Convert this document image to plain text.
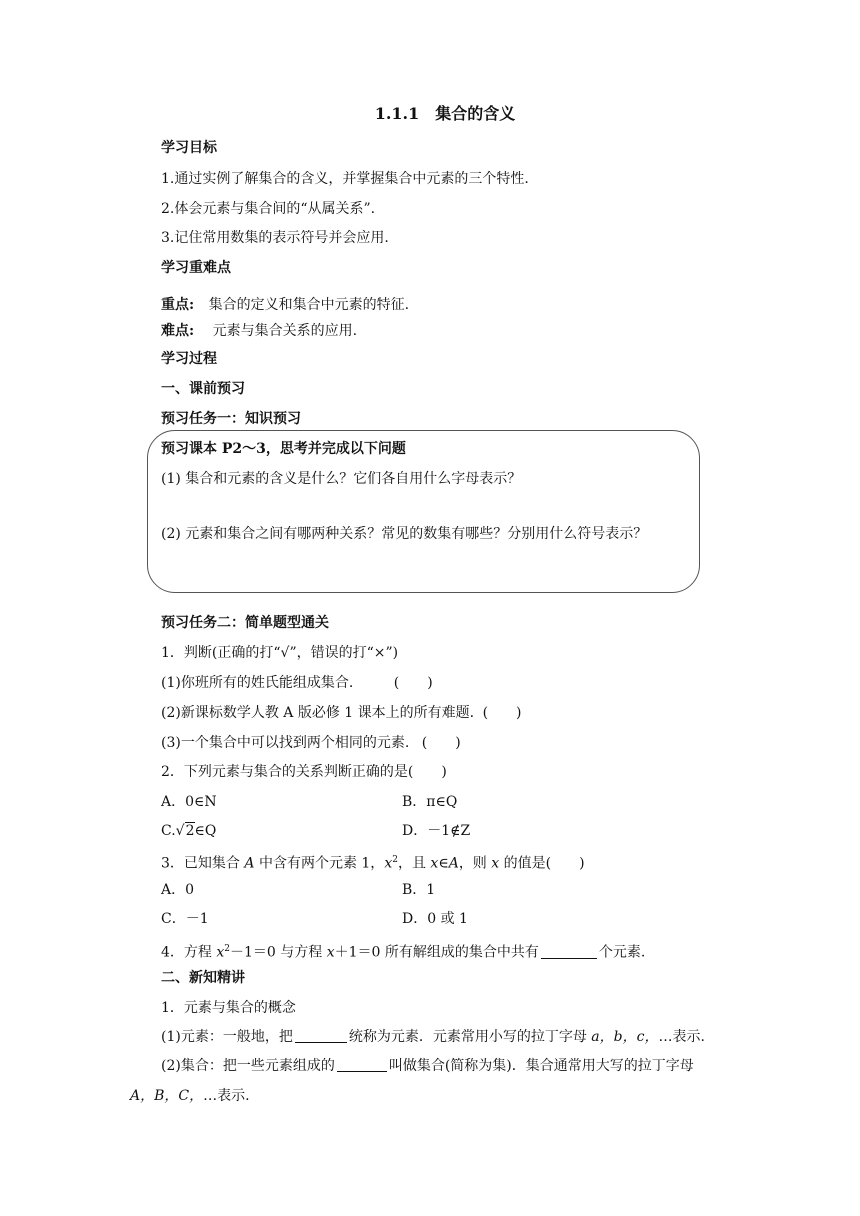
1.1.1　集合的含义
学习目标
1.通过实例了解集合的含义，并掌握集合中元素的三个特性.
2.体会元素与集合间的“从属关系”.
3.记住常用数集的表示符号并会应用.
学习重难点
重点: 集合的定义和集合中元素的特征.
难点: 元素与集合关系的应用.
学习过程
一、课前预习
预习任务一：知识预习
预习课本 P2～3，思考并完成以下问题
(1) 集合和元素的含义是什么？它们各自用什么字母表示？
(2) 元素和集合之间有哪两种关系？常见的数集有哪些？分别用什么符号表示？
预习任务二：简单题型通关
1．判断(正确的打“√”，错误的打“×”)
(1)你班所有的姓氏能组成集合.	(　　)
(2)新课标数学人教 A 版必修 1 课本上的所有难题. (　　)
(3)一个集合中可以找到两个相同的元素. (　　)
2．下列元素与集合的关系判断正确的是(　　)
A．0∈N	B．π∈Q
C.√2∈Q	D．－1∉Z
3．已知集合 A 中含有两个元素 1，$x^2$，且 x∈A，则 x 的值是(　　)
A．0	B．1
C．－1	D．0 或 1
4．方程 $x^2-1=0$ 与方程 x＋1＝0 所有解组成的集合中共有	个元素.
二、新知精讲
1．元素与集合的概念
(1)元素：一般地，把	统称为元素．元素常用小写的拉丁字母 a，b，c，…表示.
(2)集合：把一些元素组成的	叫做集合(简称为集)．集合通常用大写的拉丁字母
A，B，C，…表示.
